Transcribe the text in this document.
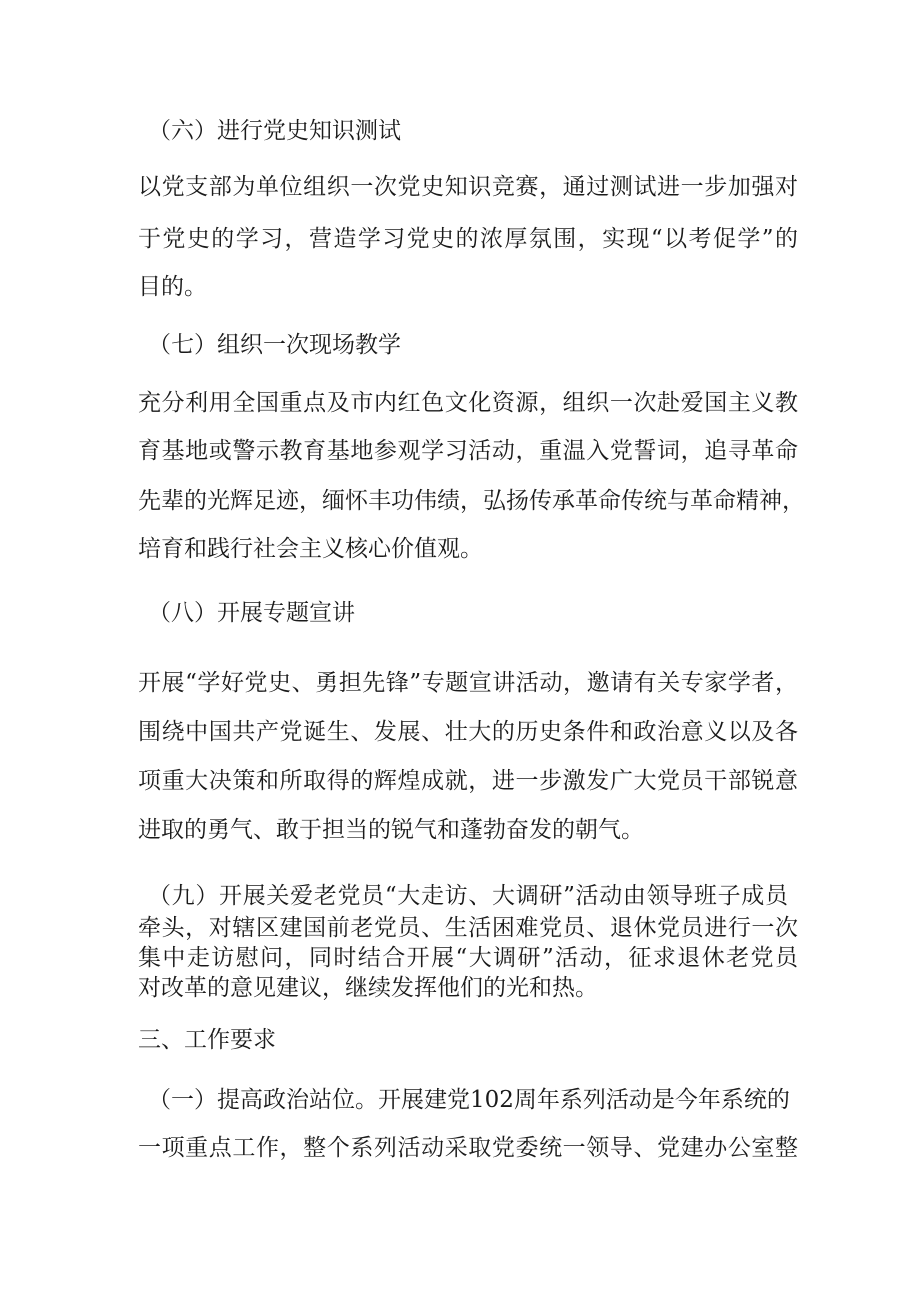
（六）进行党史知识测试
以党支部为单位组织一次党史知识竞赛，通过测试进一步加强对
于党史的学习，营造学习党史的浓厚氛围，实现“以考促学”的
目的。
（七）组织一次现场教学
充分利用全国重点及市内红色文化资源，组织一次赴爱国主义教
育基地或警示教育基地参观学习活动，重温入党誓词，追寻革命
先辈的光辉足迹，缅怀丰功伟绩，弘扬传承革命传统与革命精神，
培育和践行社会主义核心价值观。
（八）开展专题宣讲
开展“学好党史、勇担先锋”专题宣讲活动，邀请有关专家学者，
围绕中国共产党诞生、发展、壮大的历史条件和政治意义以及各
项重大决策和所取得的辉煌成就，进一步激发广大党员干部锐意
进取的勇气、敢于担当的锐气和蓬勃奋发的朝气。
（九）开展关爱老党员“大走访、大调研”活动由领导班子成员
牵头，对辖区建国前老党员、生活困难党员、退休党员进行一次
集中走访慰问，同时结合开展“大调研”活动，征求退休老党员
对改革的意见建议，继续发挥他们的光和热。
三、工作要求
（一）提高政治站位。开展建党102周年系列活动是今年系统的
一项重点工作，整个系列活动采取党委统一领导、党建办公室整
